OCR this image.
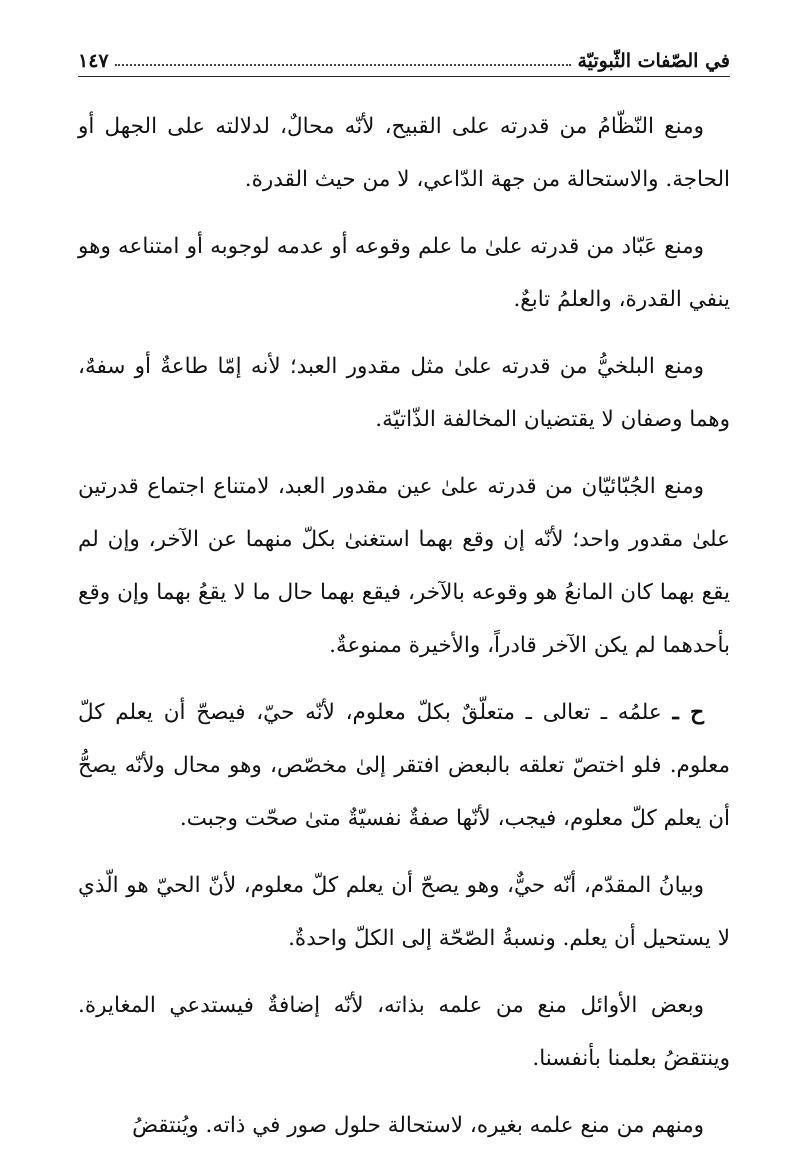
في الصّفات الثّبوتيّة
١٤٧

ومنع النّظّامُ من قدرته على القبيح، لأنّه محالٌ، لدلالته على الجهل أو الحاجة. والاستحالة من جهة الدّاعي، لا من حيث القدرة.

ومنع عَبّاد من قدرته علىٰ ما علم وقوعه أو عدمه لوجوبه أو امتناعه وهو ينفي القدرة، والعلمُ تابعٌ.

ومنع البلخيُّ من قدرته علىٰ مثل مقدور العبد؛ لأنه إمّا طاعةٌ أو سفهٌ، وهما وصفان لا يقتضيان المخالفة الذّاتيّة.

ومنع الجُبّائيّان من قدرته علىٰ عين مقدور العبد، لامتناع اجتماع قدرتين علىٰ مقدور واحد؛ لأنّه إن وقع بهما استغنىٰ بكلّ منهما عن الآخر، وإن لم يقع بهما كان المانعُ هو وقوعه بالآخر، فيقع بهما حال ما لا يقعُ بهما وإن وقع بأحدهما لم يكن الآخر قادراً، والأخيرة ممنوعةٌ.

ح ـ علمُه ـ تعالى ـ متعلّقٌ بكلّ معلوم، لأنّه حيّ، فيصحّ أن يعلم كلّ معلوم. فلو اختصّ تعلقه بالبعض افتقر إلىٰ مخصّص، وهو محال ولأنّه يصحُّ أن يعلم كلّ معلوم، فيجب، لأنّها صفةٌ نفسيّةٌ متىٰ صحّت وجبت.

وبيانُ المقدّم، أنّه حيٌّ، وهو يصحّ أن يعلم كلّ معلوم، لأنّ الحيّ هو الّذي لا يستحيل أن يعلم. ونسبةُ الصّحّة إلى الكلّ واحدةٌ.

وبعض الأوائل منع من علمه بذاته، لأنّه إضافةٌ فيستدعي المغايرة. وينتقضُ بعلمنا بأنفسنا.

ومنهم من منع علمه بغيره، لاستحالة حلول صور في ذاته. ويُنتقضُ
